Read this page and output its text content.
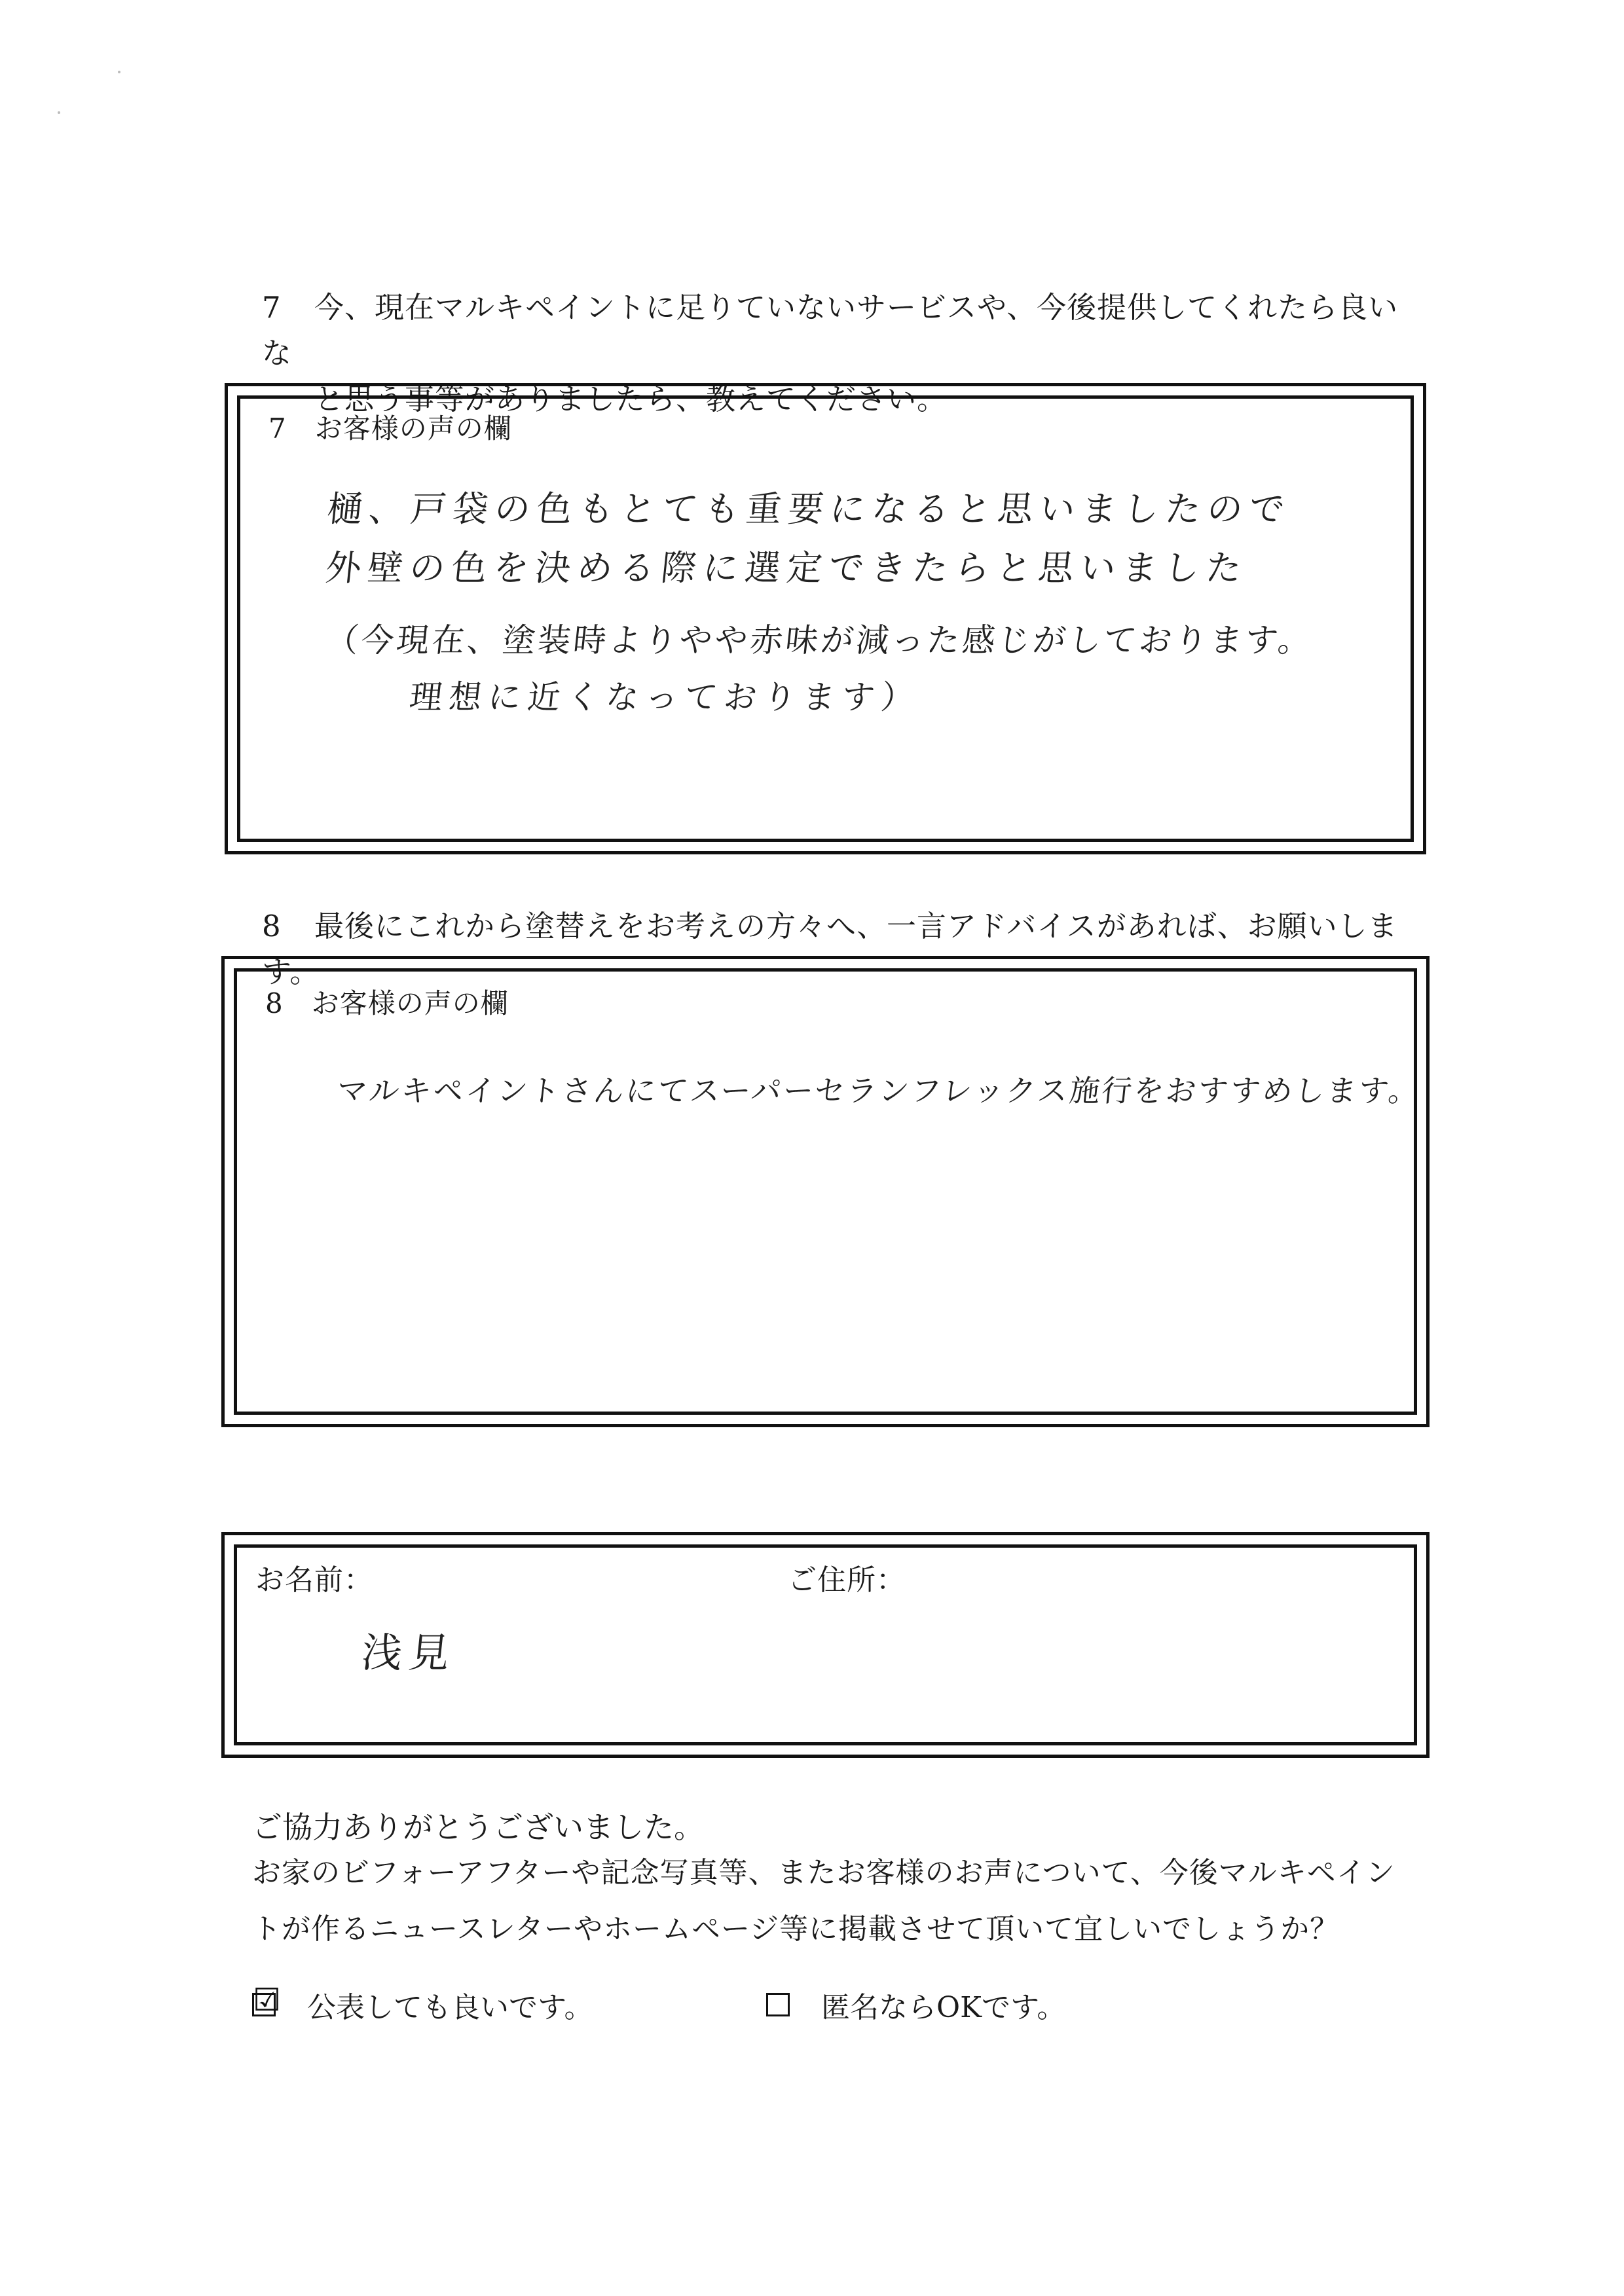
7 今、現在マルキペイントに足りていないサービスや、今後提供してくれたら良いな
と思う事等がありましたら、教えてください。
7　お客様の声の欄
樋、戸袋の色もとても重要になると思いましたので
外壁の色を決める際に選定できたらと思いました
（今現在、塗装時よりやや赤味が減った感じがしております。
理想に近くなっております）
8 最後にこれから塗替えをお考えの方々へ、一言アドバイスがあれば、お願いします。
8　お客様の声の欄
マルキペイントさんにてスーパーセランフレックス施行をおすすめします。
お名前：	ご住所：
浅見
ご協力ありがとうございました。
お家のビフォーアフターや記念写真等、またお客様のお声について、今後マルキペイン
トが作るニュースレターやホームページ等に掲載させて頂いて宜しいでしょうか？
☑ 公表しても良いです。	匿名ならOKです。
